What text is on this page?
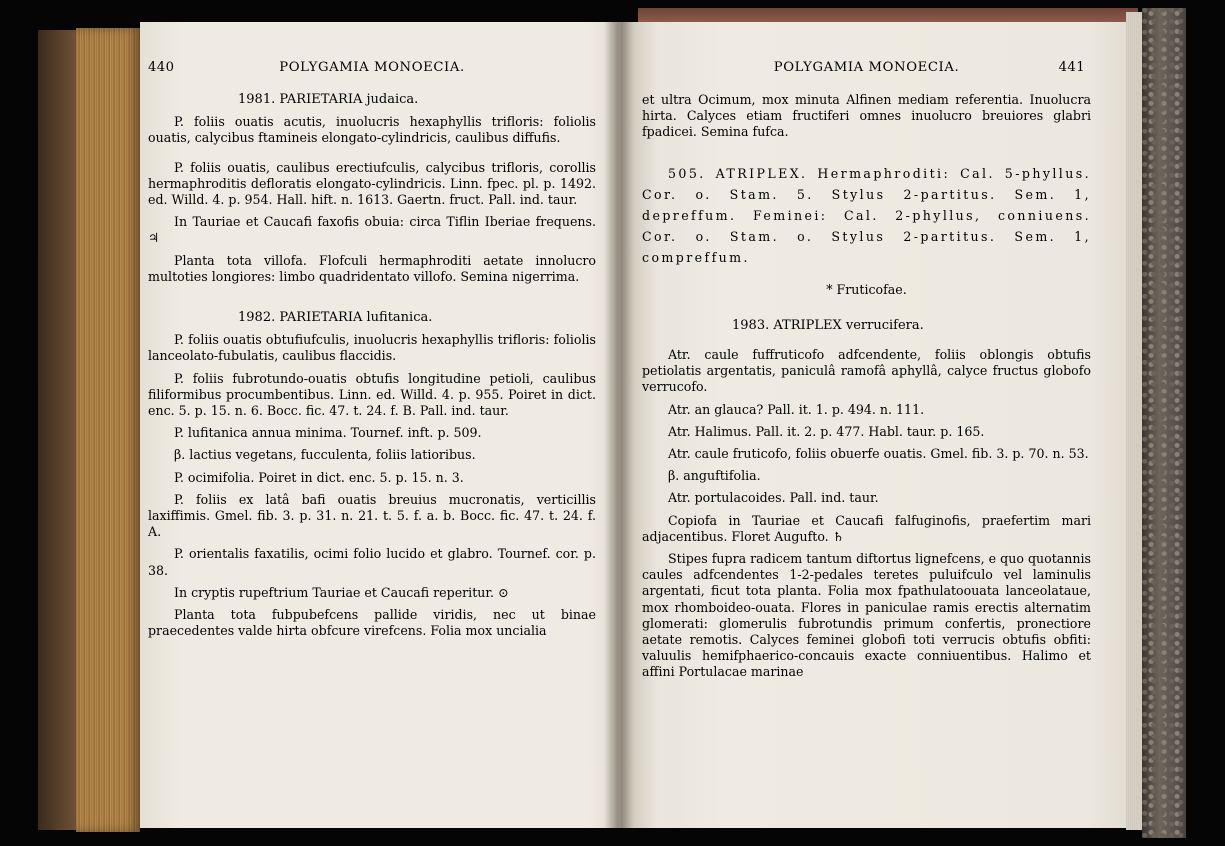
440	POLYGAMIA MONOECIA.

1981. PARIETARIA judaica.

P. foliis ouatis acutis, inuolucris hexaphyllis trifloris: foliolis ouatis, calycibus ftamineis elongato-cylindricis, caulibus diffufis.

P. foliis ouatis, caulibus erectiufculis, calycibus trifloris, corollis hermaphroditis defloratis elongato-cylindricis. Linn. fpec. pl. p. 1492. ed. Willd. 4. p. 954. Hall. hift. n. 1613. Gaertn. fruct. Pall. ind. taur.

In Tauriae et Caucafi faxofis obuia: circa Tiflin Iberiae frequens. ♃

Planta tota villofa. Flofculi hermaphroditi aetate innolucro multoties longiores: limbo quadridentato villofo. Semina nigerrima.

1982. PARIETARIA lufitanica.

P. foliis ouatis obtufiufculis, inuolucris hexaphyllis trifloris: foliolis lanceolato-fubulatis, caulibus flaccidis.

P. foliis fubrotundo-ouatis obtufis longitudine petioli, caulibus filiformibus procumbentibus. Linn. ed. Willd. 4. p. 955. Poiret in dict. enc. 5. p. 15. n. 6. Bocc. fic. 47. t. 24. f. B. Pall. ind. taur.

P. lufitanica annua minima. Tournef. inft. p. 509.

β. lactius vegetans, fucculenta, foliis latioribus.

P. ocimifolia. Poiret in dict. enc. 5. p. 15. n. 3.

P. foliis ex latâ bafi ouatis breuius mucronatis, verticillis laxiffimis. Gmel. fib. 3. p. 31. n. 21. t. 5. f. a. b. Bocc. fic. 47. t. 24. f. A.

P. orientalis faxatilis, ocimi folio lucido et glabro. Tournef. cor. p. 38.

In cryptis rupeftrium Tauriae et Caucafi reperitur. ⊙

Planta tota fubpubefcens pallide viridis, nec ut binae praecedentes valde hirta obfcure virefcens. Folia mox uncialia

POLYGAMIA MONOECIA.	441

et ultra Ocimum, mox minuta Alfinen mediam referentia. Inuolucra hirta. Calyces etiam fructiferi omnes inuolucro breuiores glabri fpadicei. Semina fufca.

505. ATRIPLEX. Hermaphroditi: Cal. 5-phyllus. Cor. o. Stam. 5. Stylus 2-partitus. Sem. 1, depreffum. Feminei: Cal. 2-phyllus, conniuens. Cor. o. Stam. o. Stylus 2-partitus. Sem. 1, compreffum.

* Fruticofae.

1983. ATRIPLEX verrucifera.

Atr. caule fuffruticofo adfcendente, foliis oblongis obtufis petiolatis argentatis, paniculâ ramofâ aphyllâ, calyce fructus globofo verrucofo.

Atr. an glauca? Pall. it. 1. p. 494. n. 111.

Atr. Halimus. Pall. it. 2. p. 477. Habl. taur. p. 165.

Atr. caule fruticofo, foliis obuerfe ouatis. Gmel. fib. 3. p. 70. n. 53.

β. anguftifolia.

Atr. portulacoides. Pall. ind. taur.

Copiofa in Tauriae et Caucafi falfuginofis, praefertim mari adjacentibus. Floret Augufto. ♄

Stipes fupra radicem tantum diftortus lignefcens, e quo quotannis caules adfcendentes 1-2-pedales teretes puluifculo vel laminulis argentati, ficut tota planta. Folia mox fpathulatoouata lanceolataue, mox rhomboideo-ouata. Flores in paniculae ramis erectis alternatim glomerati: glomerulis fubrotundis primum confertis, pronectiore aetate remotis. Calyces feminei globofi toti verrucis obtufis obfiti: valuulis hemifphaerico-concauis exacte conniuentibus. Halimo et affini Portulacae marinae
